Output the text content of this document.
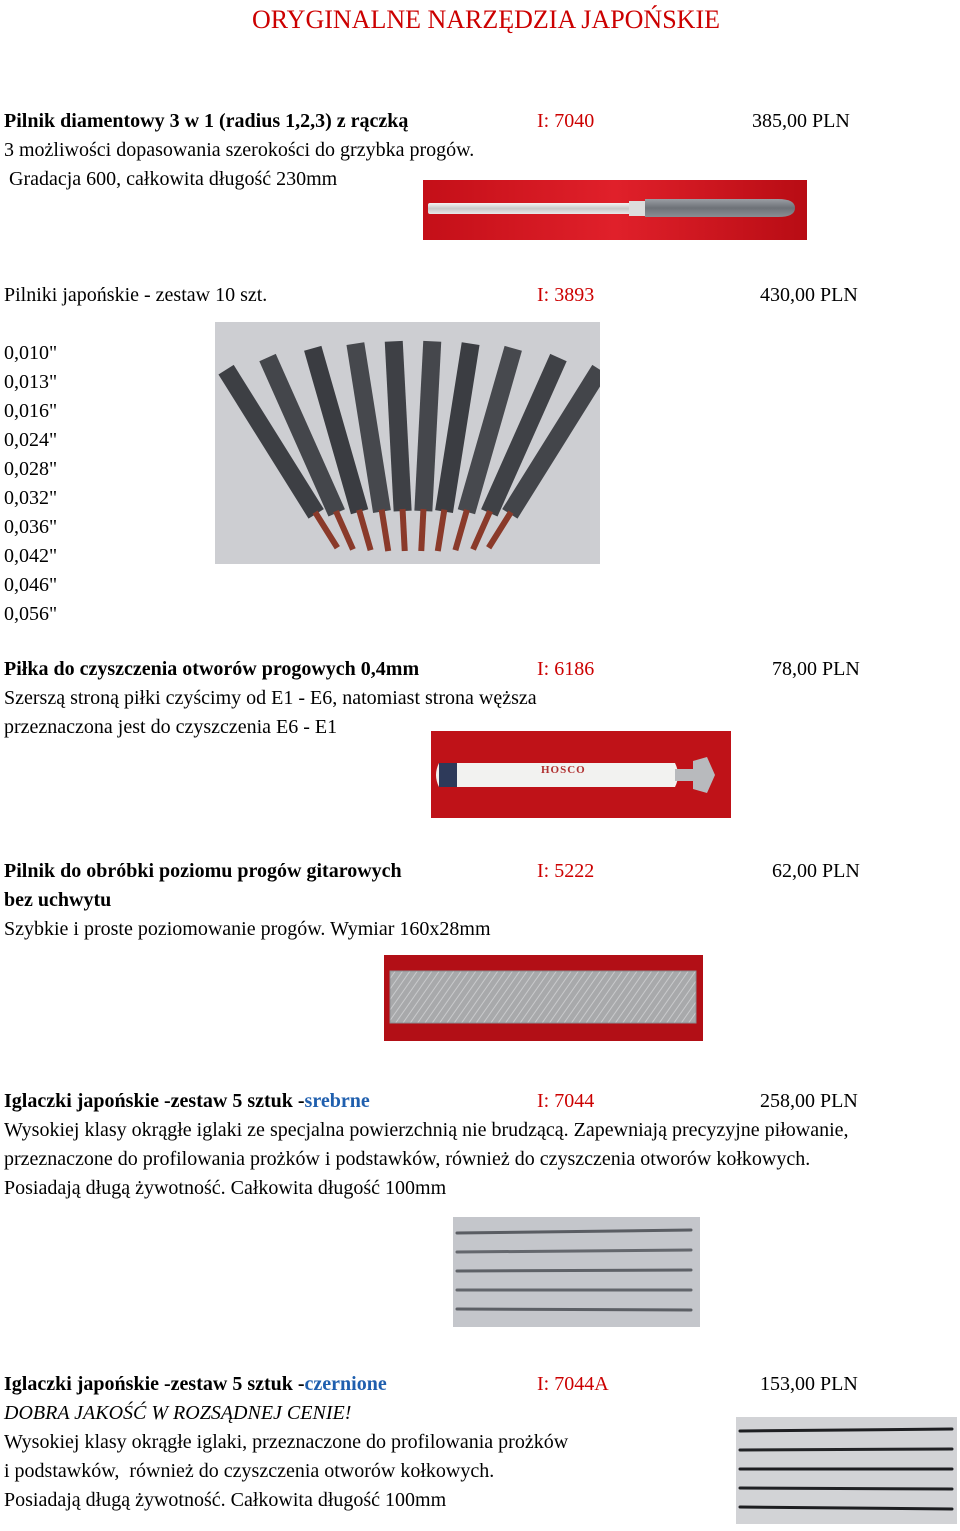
ORYGINALNE NARZĘDZIA JAPOŃSKIE
Pilnik diamentowy 3 w 1 (radius 1,2,3) z rączką	I: 7040	385,00 PLN
3 możliwości dopasowania szerokości do grzybka progów.
Gradacja 600, całkowita długość 230mm
Pilniki japońskie - zestaw 10 szt.	I: 3893	430,00 PLN
0,010"
0,013"
0,016"
0,024"
0,028"
0,032"
0,036"
0,042"
0,046"
0,056"
Piłka do czyszczenia otworów progowych 0,4mm	I: 6186	78,00 PLN
Szerszą stroną piłki czyścimy od E1 - E6, natomiast strona węższa
przeznaczona jest do czyszczenia E6 - E1
HOSCO
Pilnik do obróbki poziomu progów gitarowych
bez uchwytu
I: 5222	62,00 PLN
Szybkie i proste poziomowanie progów. Wymiar 160x28mm
Iglaczki japońskie -zestaw 5 sztuk -srebrne	I: 7044	258,00 PLN
Wysokiej klasy okrągłe iglaki ze specjalna powierzchnią nie brudzącą. Zapewniają precyzyjne piłowanie,
przeznaczone do profilowania prożków i podstawków, również do czyszczenia otworów kołkowych.
Posiadają długą żywotność. Całkowita długość 100mm
Iglaczki japońskie -zestaw 5 sztuk -czernione	I: 7044A	153,00 PLN
DOBRA JAKOŚĆ W ROZSĄDNEJ CENIE!
Wysokiej klasy okrągłe iglaki, przeznaczone do profilowania prożków
i podstawków,  również do czyszczenia otworów kołkowych.
Posiadają długą żywotność. Całkowita długość 100mm
